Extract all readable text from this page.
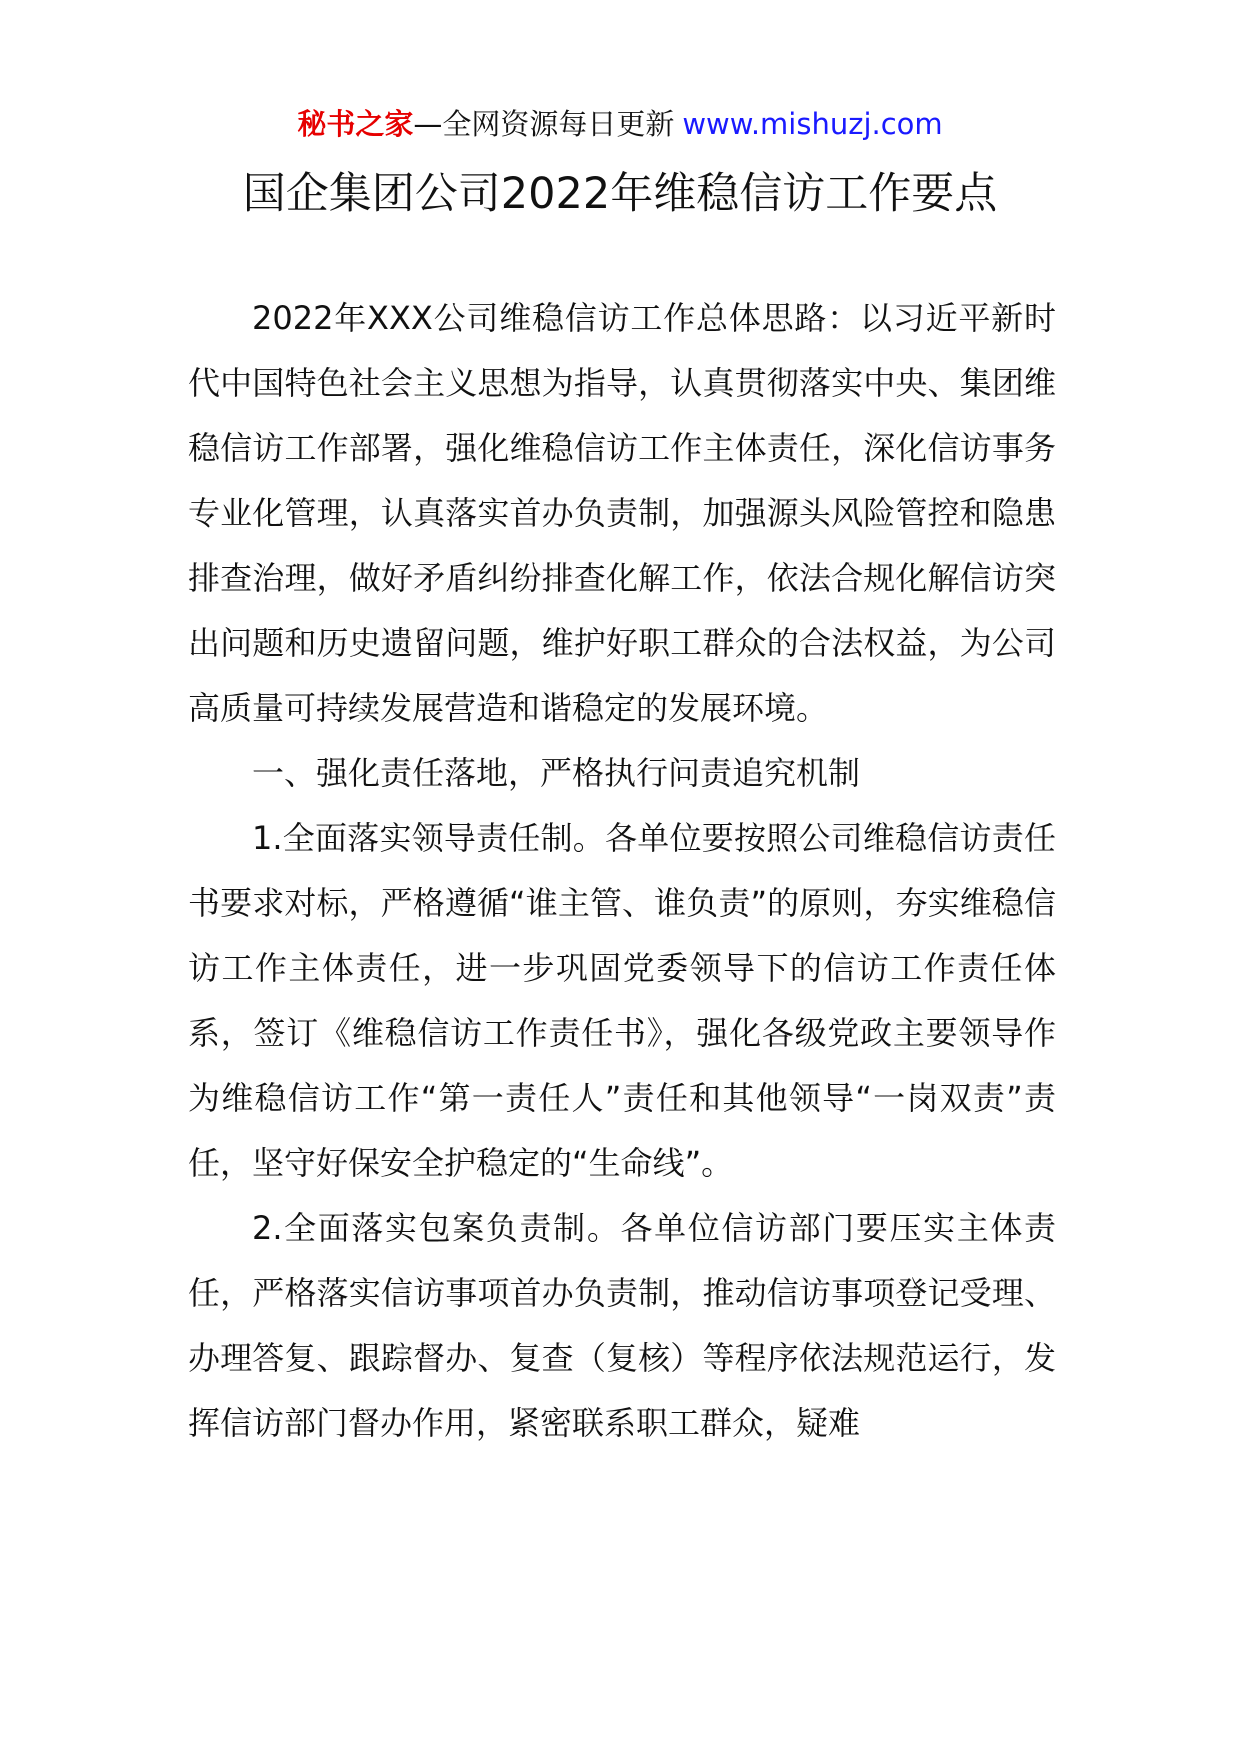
秘书之家—全网资源每日更新 www.mishuzj.com
国企集团公司2022年维稳信访工作要点

2022年XXX公司维稳信访工作总体思路：以习近平新时代中国特色社会主义思想为指导，认真贯彻落实中央、集团维稳信访工作部署，强化维稳信访工作主体责任，深化信访事务专业化管理，认真落实首办负责制，加强源头风险管控和隐患排查治理，做好矛盾纠纷排查化解工作，依法合规化解信访突出问题和历史遗留问题，维护好职工群众的合法权益，为公司高质量可持续发展营造和谐稳定的发展环境。

一、强化责任落地，严格执行问责追究机制

1.全面落实领导责任制。各单位要按照公司维稳信访责任书要求对标，严格遵循“谁主管、谁负责”的原则，夯实维稳信访工作主体责任，进一步巩固党委领导下的信访工作责任体系，签订《维稳信访工作责任书》，强化各级党政主要领导作为维稳信访工作“第一责任人”责任和其他领导“一岗双责”责任，坚守好保安全护稳定的“生命线”。

2.全面落实包案负责制。各单位信访部门要压实主体责任，严格落实信访事项首办负责制，推动信访事项登记受理、办理答复、跟踪督办、复查（复核）等程序依法规范运行，发挥信访部门督办作用，紧密联系职工群众，疑难
